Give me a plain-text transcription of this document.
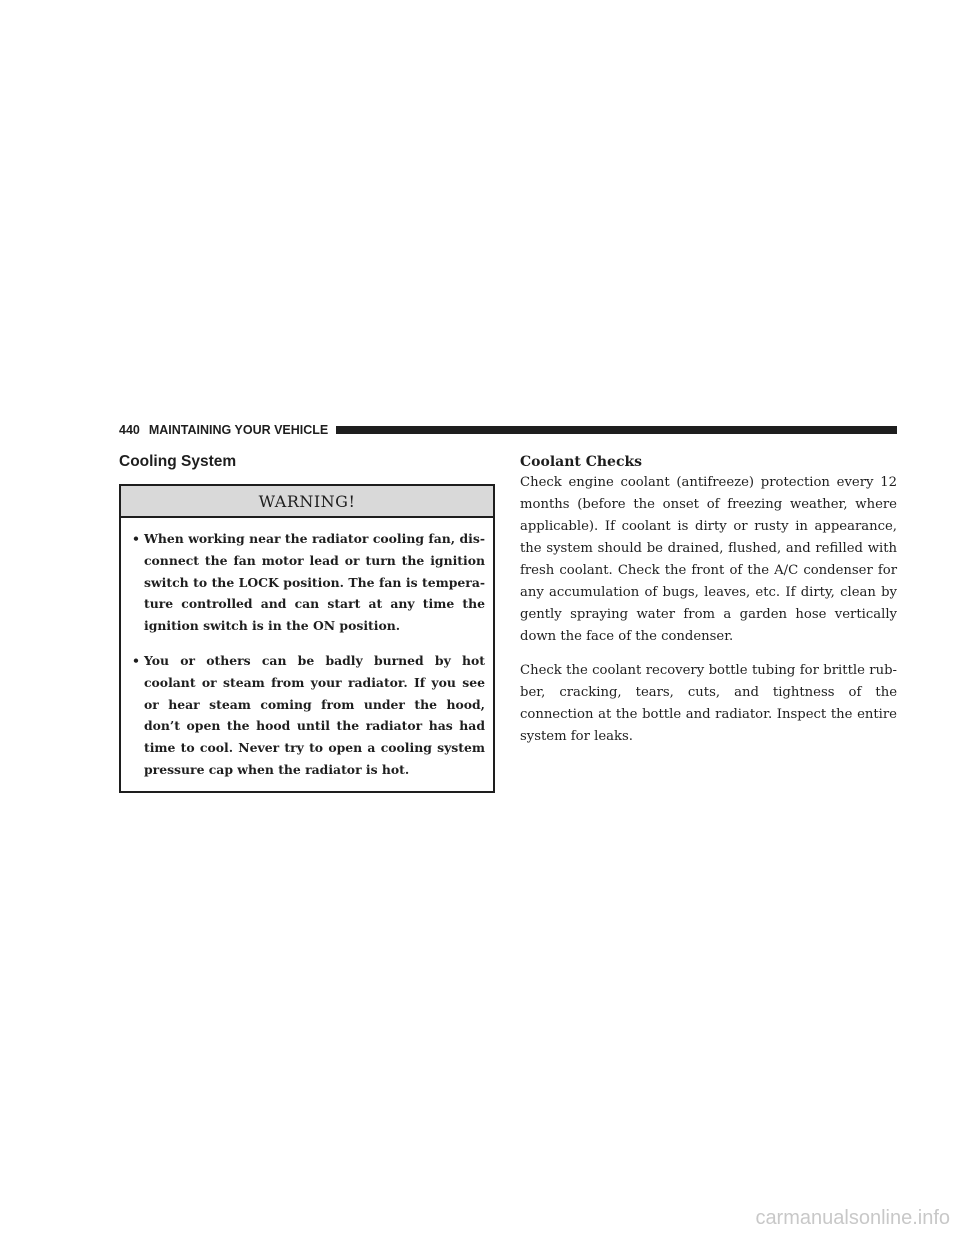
440 MAINTAINING YOUR VEHICLE
Cooling System
WARNING!
• When working near the radiator cooling fan, dis-connect the fan motor lead or turn the ignition switch to the LOCK position. The fan is tempera-ture controlled and can start at any time the ignition switch is in the ON position.
• You or others can be badly burned by hot coolant or steam from your radiator. If you see or hear steam coming from under the hood, don’t open the hood until the radiator has had time to cool. Never try to open a cooling system pressure cap when the radiator is hot.
Coolant Checks

Check engine coolant (antifreeze) protection every 12 months (before the onset of freezing weather, where applicable). If coolant is dirty or rusty in appearance, the system should be drained, flushed, and refilled with fresh coolant. Check the front of the A/C condenser for any accumulation of bugs, leaves, etc. If dirty, clean by gently spraying water from a garden hose vertically down the face of the condenser.

Check the coolant recovery bottle tubing for brittle rub-ber, cracking, tears, cuts, and tightness of the connection at the bottle and radiator. Inspect the entire system for leaks.

carmanualsonline.info
